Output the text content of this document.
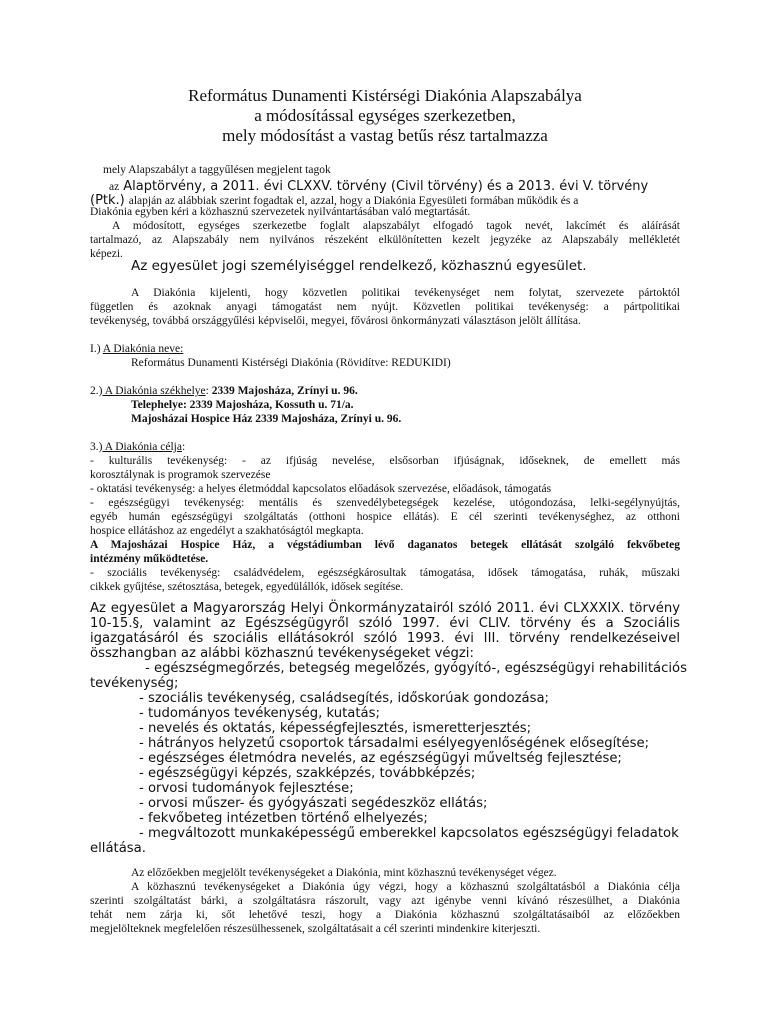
Református Dunamenti Kistérségi Diakónia Alapszabálya
a módosítással egységes szerkezetben,
mely módosítást a vastag betűs rész tartalmazza
mely Alapszabályt a taggyűlésen megjelent tagok
az Alaptörvény, a 2011. évi CLXXV. törvény (Civil törvény) és a 2013. évi V. törvény
(Ptk.) alapján az alábbiak szerint fogadtak el, azzal, hogy a Diakónia Egyesületi formában működik és a
Diakónia egyben kéri a közhasznú szervezetek nyilvántartásában való megtartását.
A módosított, egységes szerkezetbe foglalt alapszabályt elfogadó tagok nevét, lakcímét és aláírását
tartalmazó, az Alapszabály nem nyilvános részeként elkülönítetten kezelt jegyzéke az Alapszabály mellékletét
képezi.
Az egyesület jogi személyiséggel rendelkező, közhasznú egyesület.
A Diakónia kijelenti, hogy közvetlen politikai tevékenységet nem folytat, szervezete pártoktól
független és azoknak anyagi támogatást nem nyújt. Közvetlen politikai tevékenység: a pártpolitikai
tevékenység, továbbá országgyűlési képviselői, megyei, fővárosi önkormányzati választáson jelölt állítása.
I.) A Diakónia neve:
Református Dunamenti Kistérségi Diakónia (Rövidítve: REDUKIDI)
2.) A Diakónia székhelye: 2339 Majosháza, Zrínyi u. 96.
Telephelye: 2339 Majosháza, Kossuth u. 71/a.
Majosházai Hospice Ház 2339 Majosháza, Zrínyi u. 96.
3.) A Diakónia célja:
- kulturális tevékenység: - az ifjúság nevelése, elsősorban ifjúságnak, időseknek, de emellett más
korosztálynak is programok szervezése
- oktatási tevékenység: a helyes életmóddal kapcsolatos előadások szervezése, előadások, támogatás
- egészségügyi tevékenység: mentális és szenvedélybetegségek kezelése, utógondozása, lelki-segélynyújtás,
egyéb humán egészségügyi szolgáltatás (otthoni hospice ellátás). E cél szerinti tevékenységhez, az otthoni
hospice ellátáshoz az engedélyt a szakhatóságtól megkapta.
A Majosházai Hospice Ház, a végstádiumban lévő daganatos betegek ellátását szolgáló fekvőbeteg
intézmény működtetése.
- szociális tevékenység: családvédelem, egészségkárosultak támogatása, idősek támogatása, ruhák, műszaki
cikkek gyűjtése, szétosztása, betegek, egyedülállók, idősek segítése.
Az egyesület a Magyarország Helyi Önkormányzatairól szóló 2011. évi CLXXXIX. törvény
10-15.§, valamint az Egészségügyről szóló 1997. évi CLIV. törvény és a Szociális
igazgatásáról és szociális ellátásokról szóló 1993. évi III. törvény rendelkezéseivel
összhangban az alábbi közhasznú tevékenységeket végzi:
- egészségmegőrzés, betegség megelőzés, gyógyító-, egészségügyi rehabilitációs
tevékenység;
- szociális tevékenység, családsegítés, időskorúak gondozása;
- tudományos tevékenység, kutatás;
- nevelés és oktatás, képességfejlesztés, ismeretterjesztés;
- hátrányos helyzetű csoportok társadalmi esélyegyenlőségének elősegítése;
- egészséges életmódra nevelés, az egészségügyi műveltség fejlesztése;
- egészségügyi képzés, szakképzés, továbbképzés;
- orvosi tudományok fejlesztése;
- orvosi műszer- és gyógyászati segédeszköz ellátás;
- fekvőbeteg intézetben történő elhelyezés;
- megváltozott munkaképességű emberekkel kapcsolatos egészségügyi feladatok
ellátása.
Az előzőekben megjelölt tevékenységeket a Diakónia, mint közhasznú tevékenységet végez.
A közhasznú tevékenységeket a Diakónia úgy végzi, hogy a közhasznú szolgáltatásból a Diakónia célja
szerinti szolgáltatást bárki, a szolgáltatásra rászorult, vagy azt igénybe venni kívánó részesülhet, a Diakónia
tehát nem zárja ki, sőt lehetővé teszi, hogy a Diakónia közhasznú szolgáltatásaiból az előzőekben
megjelölteknek megfelelően részesülhessenek, szolgáltatásait a cél szerinti mindenkire kiterjeszti.
